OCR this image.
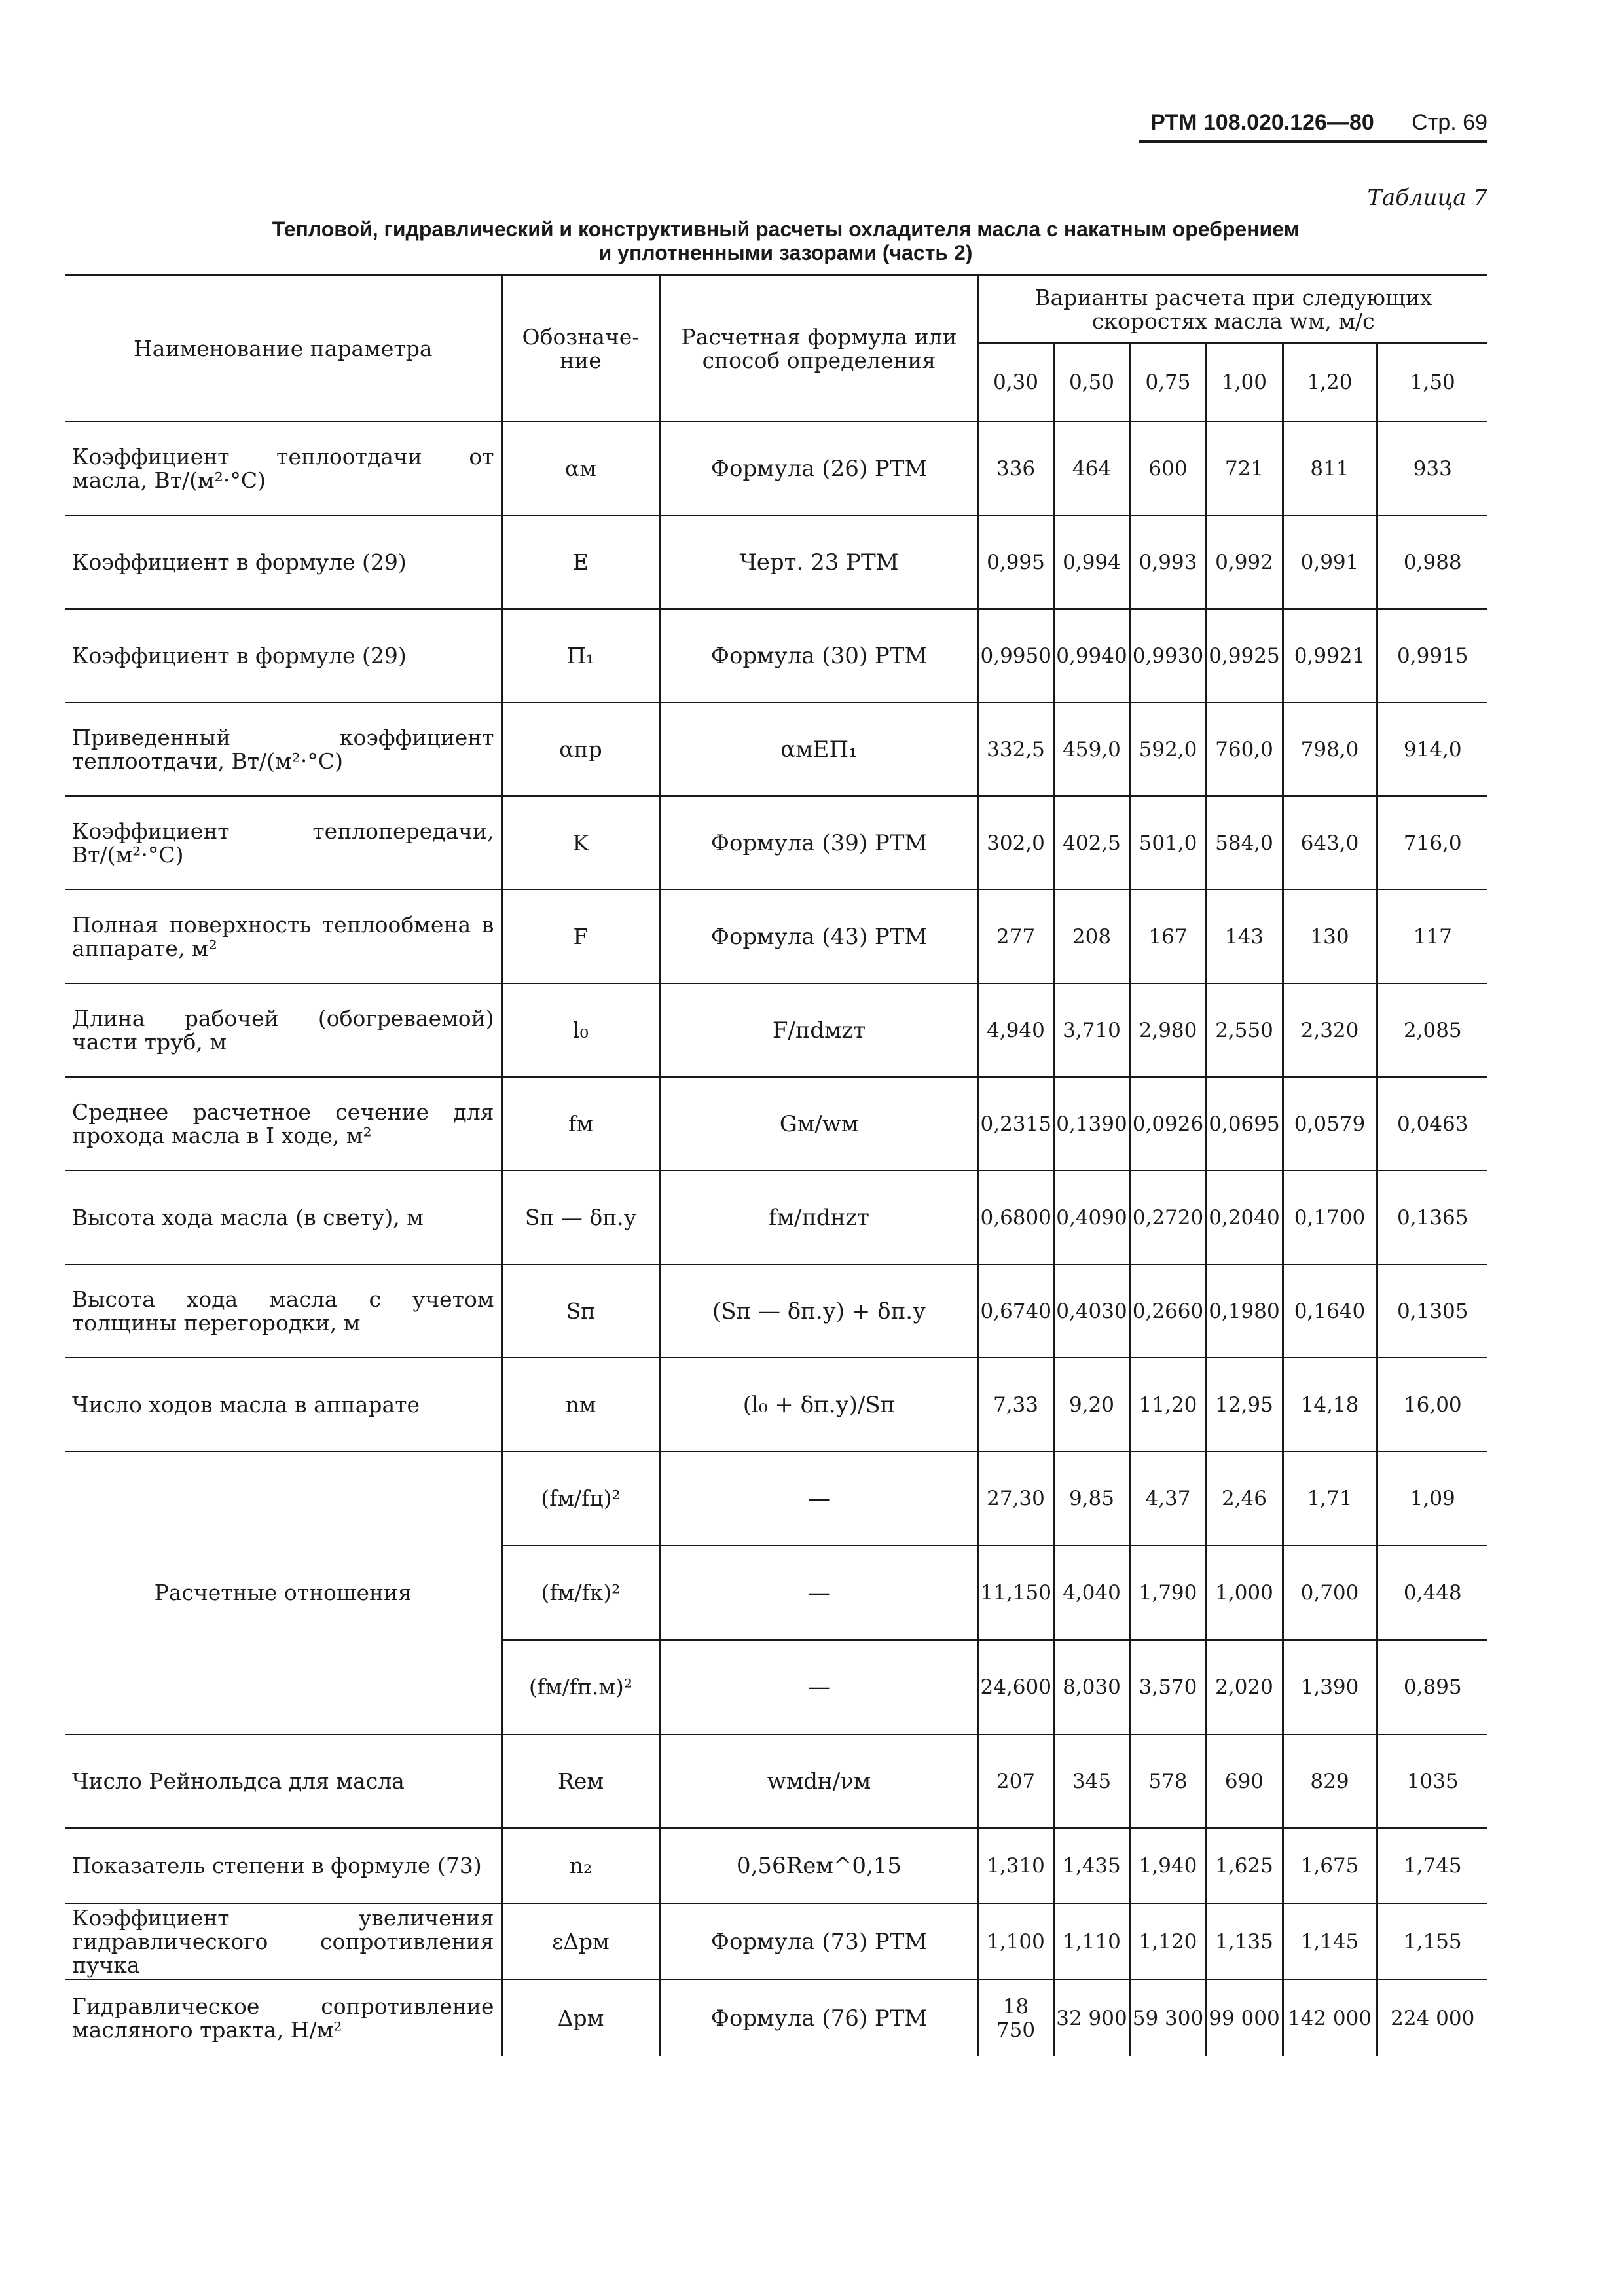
РТМ 108.020.126—80 Стр. 69
Таблица 7
Тепловой, гидравлический и конструктивный расчеты охладителя масла с накатным оребрением
и уплотненными зазорами (часть 2)
Наименование параметра	Обозначе- ние	Расчетная формула или способ определения	Варианты расчета при следующих скоростях масла wм, м/с					
			0,30	0,50	0,75	1,00	1,20	1,50
Коэффициент теплоотдачи от масла, Вт/(м²·°С)	αм	Формула (26) РТМ	336	464	600	721	811	933
Коэффициент в формуле (29)	E	Черт. 23 РТМ	0,995	0,994	0,993	0,992	0,991	0,988
Коэффициент в формуле (29)	П₁	Формула (30) РТМ	0,9950	0,9940	0,9930	0,9925	0,9921	0,9915
Приведенный коэффициент теплоотдачи, Вт/(м²·°С)	αпр	αмEП₁	332,5	459,0	592,0	760,0	798,0	914,0
Коэффициент теплопередачи, Вт/(м²·°С)	K	Формула (39) РТМ	302,0	402,5	501,0	584,0	643,0	716,0
Полная поверхность теплообмена в аппарате, м²	F	Формула (43) РТМ	277	208	167	143	130	117
Длина рабочей (обогреваемой) части труб, м	l₀	F/πdмzт	4,940	3,710	2,980	2,550	2,320	2,085
Среднее расчетное сечение для прохода масла в I ходе, м²	fм	Gм/wм	0,2315	0,1390	0,0926	0,0695	0,0579	0,0463
Высота хода масла (в свету), м	Sп — δп.у	fм/πdнzт	0,6800	0,4090	0,2720	0,2040	0,1700	0,1365
Высота хода масла с учетом толщины перегородки, м	Sп	(Sп — δп.у) + δп.у	0,6740	0,4030	0,2660	0,1980	0,1640	0,1305
Число ходов масла в аппарате	nм	(l₀ + δп.у)/Sп	7,33	9,20	11,20	12,95	14,18	16,00
Расчетные отношения	(fм/fц)²	—	27,30	9,85	4,37	2,46	1,71	1,09
	(fм/fк)²	—	11,150	4,040	1,790	1,000	0,700	0,448
	(fм/fп.м)²	—	24,600	8,030	3,570	2,020	1,390	0,895
Число Рейнольдса для масла	Reм	wмdн/νм	207	345	578	690	829	1035
Показатель степени в формуле (73)	n₂	0,56Reм^0,15	1,310	1,435	1,940	1,625	1,675	1,745
Коэффициент увеличения гидравлического сопротивления пучка	εΔpм	Формула (73) РТМ	1,100	1,110	1,120	1,135	1,145	1,155
Гидравлическое сопротивление масляного тракта, Н/м²	Δpм	Формула (76) РТМ	18 750	32 900	59 300	99 000	142 000	224 000
